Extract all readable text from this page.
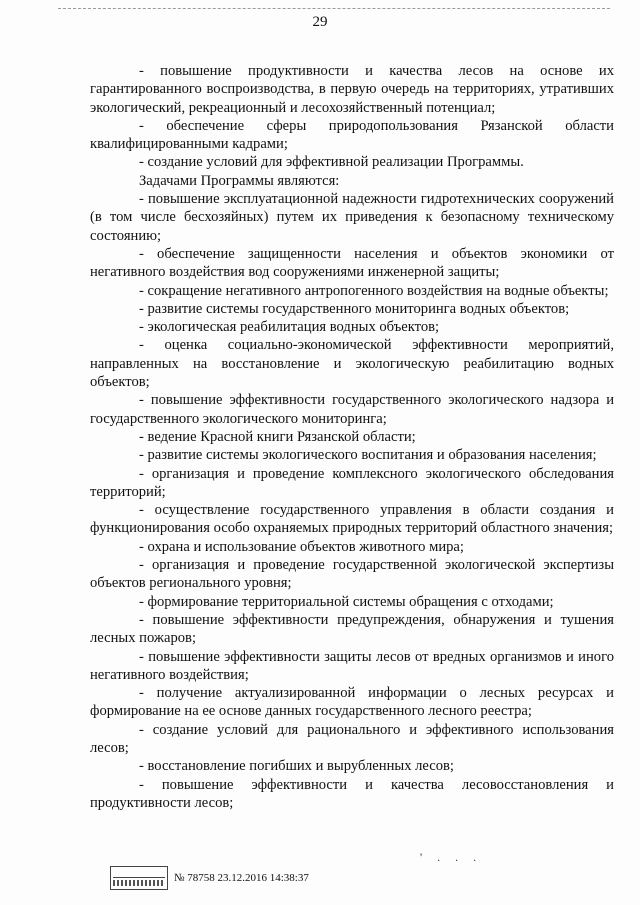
29

- повышение продуктивности и качества лесов на основе их гарантированного воспроизводства, в первую очередь на территориях, утративших экологический, рекреационный и лесохозяйственный потенциал;

- обеспечение сферы природопользования Рязанской области квалифицированными кадрами;

- создание условий для эффективной реализации Программы.

Задачами Программы являются:

- повышение эксплуатационной надежности гидротехнических сооружений (в том числе бесхозяйных) путем их приведения к безопасному техническому состоянию;

- обеспечение защищенности населения и объектов экономики от негативного воздействия вод сооружениями инженерной защиты;

- сокращение негативного антропогенного воздействия на водные объекты;

- развитие системы государственного мониторинга водных объектов;

- экологическая реабилитация водных объектов;

- оценка социально-экономической эффективности мероприятий, направленных на восстановление и экологическую реабилитацию водных объектов;

- повышение эффективности государственного экологического надзора и государственного экологического мониторинга;

- ведение Красной книги Рязанской области;

- развитие системы экологического воспитания и образования населения;

- организация и проведение комплексного экологического обследования территорий;

- осуществление государственного управления в области создания и функционирования особо охраняемых природных территорий областного значения;

- охрана и использование объектов животного мира;

- организация и проведение государственной экологической экспертизы объектов регионального уровня;

- формирование территориальной системы обращения с отходами;

- повышение эффективности предупреждения, обнаружения и тушения лесных пожаров;

- повышение эффективности защиты лесов от вредных организмов и иного негативного воздействия;

- получение актуализированной информации о лесных ресурсах и формирование на ее основе данных государственного лесного реестра;

- создание условий для рационального и эффективного использования лесов;

- восстановление погибших и вырубленных лесов;

- повышение эффективности и качества лесовосстановления и продуктивности лесов;

' . . .
№ 78758 23.12.2016 14:38:37
